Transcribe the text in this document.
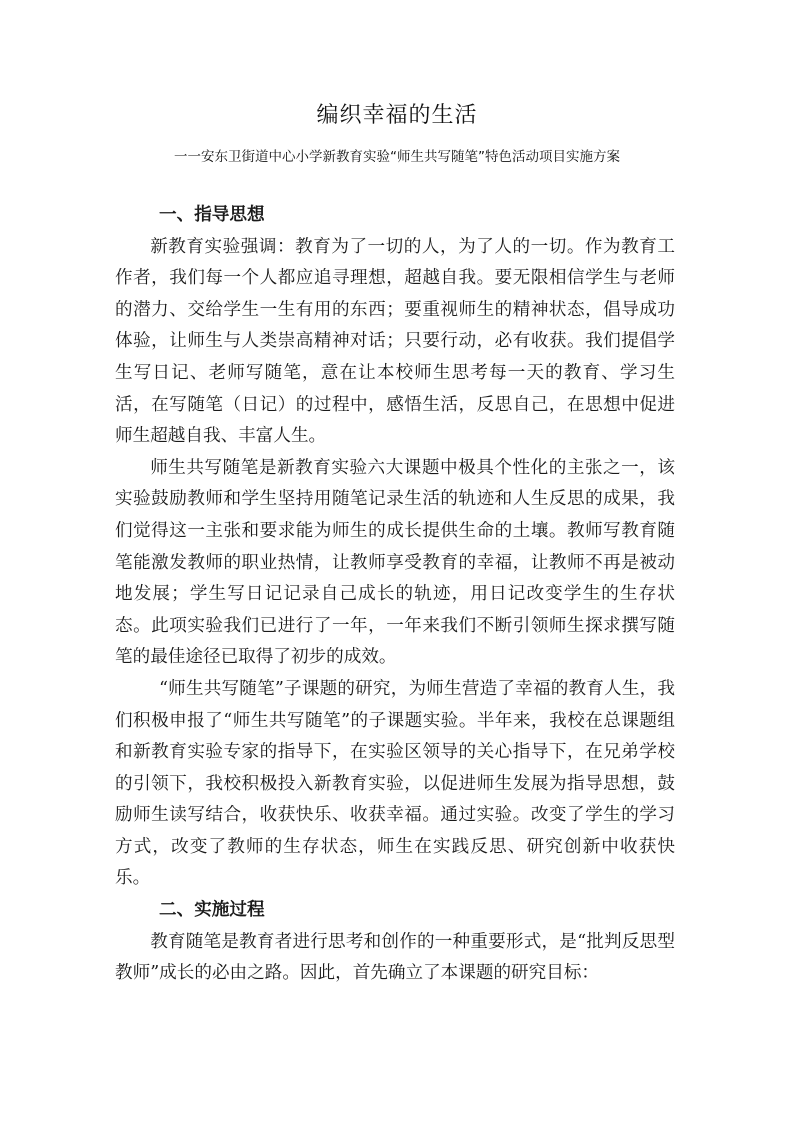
编织幸福的生活
一一安东卫街道中心小学新教育实验“师生共写随笔”特色活动项目实施方案
一、指导思想

新教育实验强调：教育为了一切的人，为了人的一切。作为教育工作者，我们每一个人都应追寻理想，超越自我。要无限相信学生与老师的潜力、交给学生一生有用的东西；要重视师生的精神状态，倡导成功体验，让师生与人类崇高精神对话；只要行动，必有收获。我们提倡学生写日记、老师写随笔，意在让本校师生思考每一天的教育、学习生活，在写随笔（日记）的过程中，感悟生活，反思自己，在思想中促进师生超越自我、丰富人生。

师生共写随笔是新教育实验六大课题中极具个性化的主张之一，该实验鼓励教师和学生坚持用随笔记录生活的轨迹和人生反思的成果，我们觉得这一主张和要求能为师生的成长提供生命的土壤。教师写教育随笔能激发教师的职业热情，让教师享受教育的幸福，让教师不再是被动地发展；学生写日记记录自己成长的轨迹，用日记改变学生的生存状态。此项实验我们已进行了一年，一年来我们不断引领师生探求撰写随笔的最佳途径已取得了初步的成效。

“师生共写随笔”子课题的研究，为师生营造了幸福的教育人生，我们积极申报了“师生共写随笔”的子课题实验。半年来，我校在总课题组和新教育实验专家的指导下，在实验区领导的关心指导下，在兄弟学校的引领下，我校积极投入新教育实验，以促进师生发展为指导思想，鼓励师生读写结合，收获快乐、收获幸福。通过实验。改变了学生的学习方式，改变了教师的生存状态，师生在实践反思、研究创新中收获快乐。

二、实施过程

教育随笔是教育者进行思考和创作的一种重要形式，是“批判反思型教师”成长的必由之路。因此，首先确立了本课题的研究目标：
